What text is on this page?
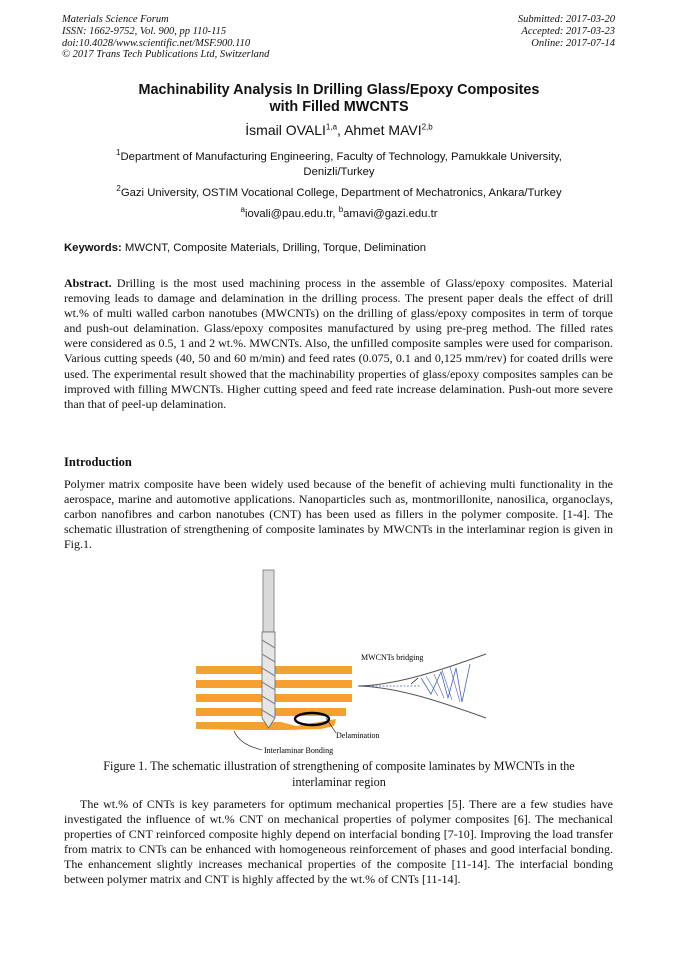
Materials Science Forum
ISSN: 1662-9752, Vol. 900, pp 110-115
doi:10.4028/www.scientific.net/MSF.900.110
© 2017 Trans Tech Publications Ltd, Switzerland
Submitted: 2017-03-20
Accepted: 2017-03-23
Online: 2017-07-14
Machinability Analysis In Drilling Glass/Epoxy Composites
with Filled MWCNTS
İsmail OVALI$^{1,a}$, Ahmet MAVI$^{2,b}$
$^1$Department of Manufacturing Engineering, Faculty of Technology, Pamukkale University,
Denizli/Turkey
$^2$Gazi University, OSTIM Vocational College, Department of Mechatronics, Ankara/Turkey
$^a$iovali@pau.edu.tr, $^b$amavi@gazi.edu.tr
Keywords: MWCNT, Composite Materials, Drilling, Torque, Delimination
Abstract. Drilling is the most used machining process in the assemble of Glass/epoxy composites. Material removing leads to damage and delamination in the drilling process. The present paper deals the effect of drill wt.% of multi walled carbon nanotubes (MWCNTs) on the drilling of glass/epoxy composites in term of torque and push-out delamination. Glass/epoxy composites manufactured by using pre-preg method. The filled rates were considered as 0.5, 1 and 2 wt.%. MWCNTs. Also, the unfilled composite samples were used for comparison. Various cutting speeds (40, 50 and 60 m/min) and feed rates (0.075, 0.1 and 0,125 mm/rev) for coated drills were used. The experimental result showed that the machinability properties of glass/epoxy composites samples can be improved with filling MWCNTs. Higher cutting speed and feed rate increase delamination. Push-out more severe than that of peel-up delamination.
Introduction
Polymer matrix composite have been widely used because of the benefit of achieving multi functionality in the aerospace, marine and automotive applications. Nanoparticles such as, montmorillonite, nanosilica, organoclays, carbon nanofibres and carbon nanotubes (CNT) has been used as fillers in the polymer composite. [1-4]. The schematic illustration of strengthening of composite laminates by MWCNTs in the interlaminar region is given in Fig.1.
MWCNTs bridging
Delamination
Interlaminar Bonding
Figure 1. The schematic illustration of strengthening of composite laminates by MWCNTs in the
interlaminar region
The wt.% of CNTs is key parameters for optimum mechanical properties [5]. There are a few studies have investigated the influence of wt.% CNT on mechanical properties of polymer composites [6]. The mechanical properties of CNT reinforced composite highly depend on interfacial bonding [7-10]. Improving the load transfer from matrix to CNTs can be enhanced with homogeneous reinforcement of phases and good interfacial bonding. The enhancement slightly increases mechanical properties of the composite [11-14]. The interfacial bonding between polymer matrix and CNT is highly affected by the wt.% of CNTs [11-14].
